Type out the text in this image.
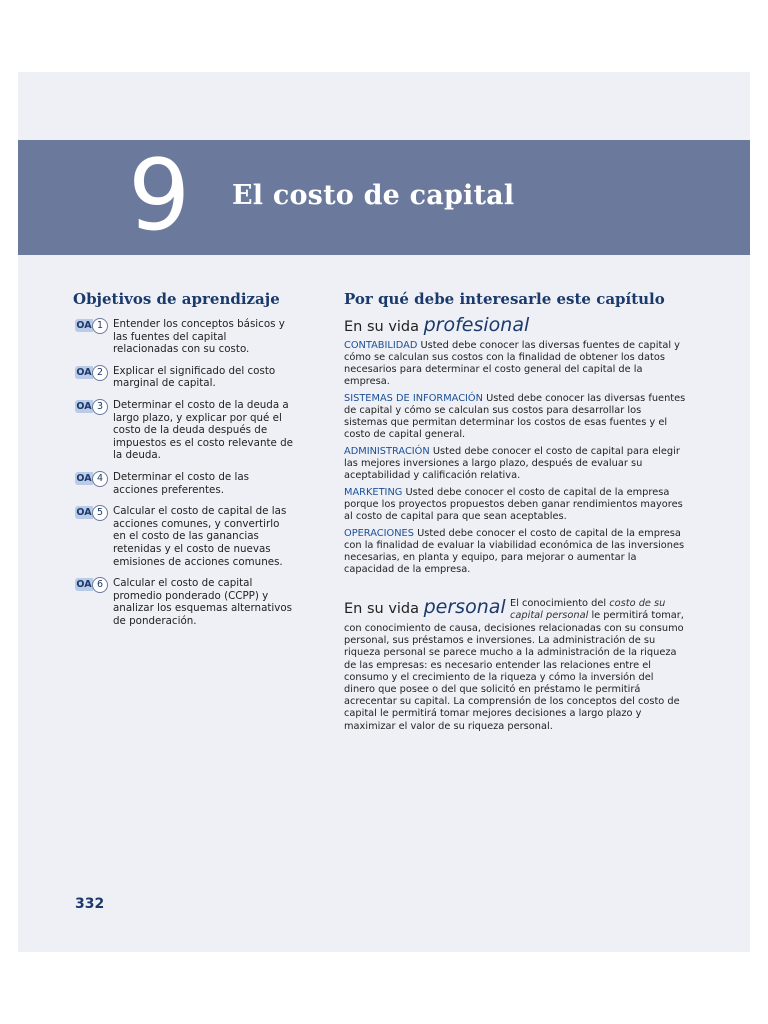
9 El costo de capital
Objetivos de aprendizaje
OA 1 Entender los conceptos básicos y las fuentes del capital relacionadas con su costo.
OA 2 Explicar el significado del costo marginal de capital.
OA 3 Determinar el costo de la deuda a largo plazo, y explicar por qué el costo de la deuda después de impuestos es el costo relevante de la deuda.
OA 4 Determinar el costo de las acciones preferentes.
OA 5 Calcular el costo de capital de las acciones comunes, y convertirlo en el costo de las ganancias retenidas y el costo de nuevas emisiones de acciones comunes.
OA 6 Calcular el costo de capital promedio ponderado (CCPP) y analizar los esquemas alternativos de ponderación.
Por qué debe interesarle este capítulo
En su vida profesional
CONTABILIDAD Usted debe conocer las diversas fuentes de capital y cómo se calculan sus costos con la finalidad de obtener los datos necesarios para determinar el costo general del capital de la empresa.
SISTEMAS DE INFORMACIÓN Usted debe conocer las diversas fuentes de capital y cómo se calculan sus costos para desarrollar los sistemas que permitan determinar los costos de esas fuentes y el costo de capital general.
ADMINISTRACIÓN Usted debe conocer el costo de capital para elegir las mejores inversiones a largo plazo, después de evaluar su aceptabilidad y calificación relativa.
MARKETING Usted debe conocer el costo de capital de la empresa porque los proyectos propuestos deben ganar rendimientos mayores al costo de capital para que sean aceptables.
OPERACIONES Usted debe conocer el costo de capital de la empresa con la finalidad de evaluar la viabilidad económica de las inversiones necesarias, en planta y equipo, para mejorar o aumentar la capacidad de la empresa.
En su vida personal El conocimiento del costo de su capital personal le permitirá tomar,
con conocimiento de causa, decisiones relacionadas con su consumo personal, sus préstamos e inversiones. La administración de su riqueza personal se parece mucho a la administración de la riqueza de las empresas: es necesario entender las relaciones entre el consumo y el crecimiento de la riqueza y cómo la inversión del dinero que posee o del que solicitó en préstamo le permitirá acrecentar su capital. La comprensión de los conceptos del costo de capital le permitirá tomar mejores decisiones a largo plazo y maximizar el valor de su riqueza personal.
332
